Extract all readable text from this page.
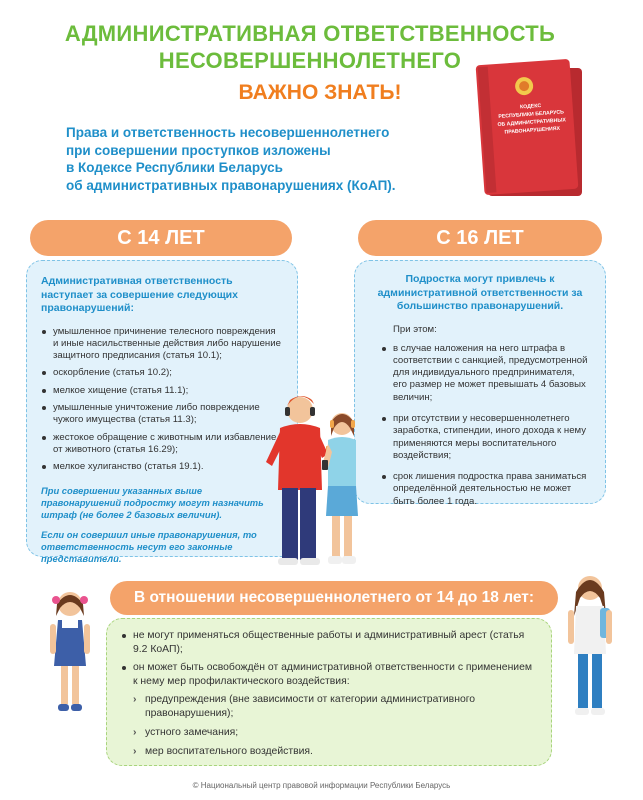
АДМИНИСТРАТИВНАЯ ОТВЕТСТВЕННОСТЬ
НЕСОВЕРШЕННОЛЕТНЕГО
ВАЖНО ЗНАТЬ!
Права и ответственность несовершеннолетнего
при совершении проступков изложены
в Кодексе Республики Беларусь
об административных правонарушениях (КоАП).
КОДЕКС
РЕСПУБЛИКИ БЕЛАРУСЬ
ОБ АДМИНИСТРАТИВНЫХ
ПРАВОНАРУШЕНИЯХ
С 14 ЛЕТ	С 16 ЛЕТ
Административная ответственность наступает за совершение следующих правонарушений:
умышленное причинение телесного повреждения и иные насильственные действия либо нарушение защитного предписания (статья 10.1);
оскорбление (статья 10.2);
мелкое хищение (статья 11.1);
умышленные уничтожение либо повреждение чужого имущества (статья 11.3);
жестокое обращение с животным или избавление от животного (статья 16.29);
мелкое хулиганство (статья 19.1).
При совершении указанных выше правонарушений подростку могут назначить штраф (не более 2 базовых величин).
Если он совершил иные правонарушения, то ответственность несут его законные представители.
Подростка могут привлечь к административной ответственности за большинство правонарушений.
При этом:
в случае наложения на него штрафа в соответствии с санкцией, предусмотренной для индивидуального предпринимателя, его размер не может превышать 4 базовых величин;
при отсутствии у несовершеннолетнего заработка, стипендии, иного дохода к нему применяются меры воспитательного воздействия;
срок лишения подростка права заниматься определённой деятельностью не может быть более 1 года.
В отношении несовершеннолетнего от 14 до 18 лет:
не могут применяться общественные работы и административный арест (статья 9.2 КоАП);
он может быть освобождён от административной ответственности с применением к нему мер профилактического воздействия:
› предупреждения (вне зависимости от категории административного правонарушения);
› устного замечания;
› мер воспитательного воздействия.
© Национальный центр правовой информации Республики Беларусь
